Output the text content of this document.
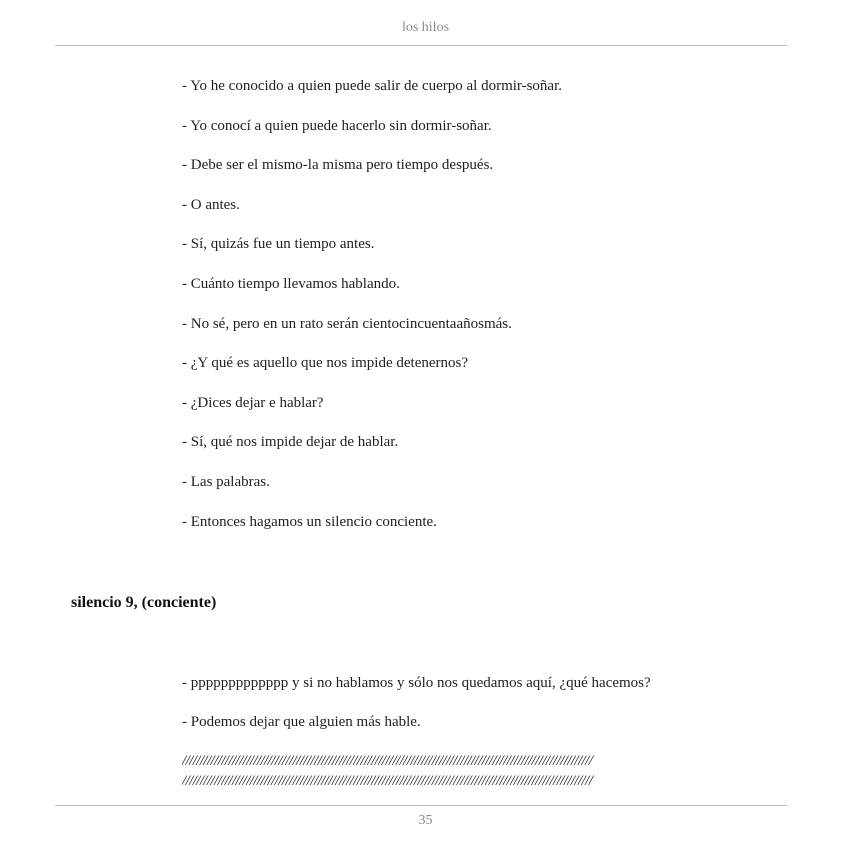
los hilos
- Yo he conocido a quien puede salir de cuerpo al dormir-soñar.
- Yo conocí a quien puede hacerlo sin dormir-soñar.
- Debe ser el mismo-la misma pero tiempo después.
- O antes.
- Sí, quizás fue un tiempo antes.
- Cuánto tiempo llevamos hablando.
- No sé, pero en un rato serán cientocincuentaañosmás.
- ¿Y qué es aquello que nos impide detenernos?
- ¿Dices dejar e hablar?
- Sí, qué nos impide dejar de hablar.
- Las palabras.
- Entonces hagamos un silencio conciente.
silencio 9, (conciente)
- ppppppppppppp y si no hablamos y sólo nos quedamos aquí, ¿qué hacemos?
- Podemos dejar que alguien más hable.
///////////////////////////////////////////////////////////////////////////////////////////////////////////////////
///////////////////////////////////////////////////////////////////////////////////////////////////////////////////
35
